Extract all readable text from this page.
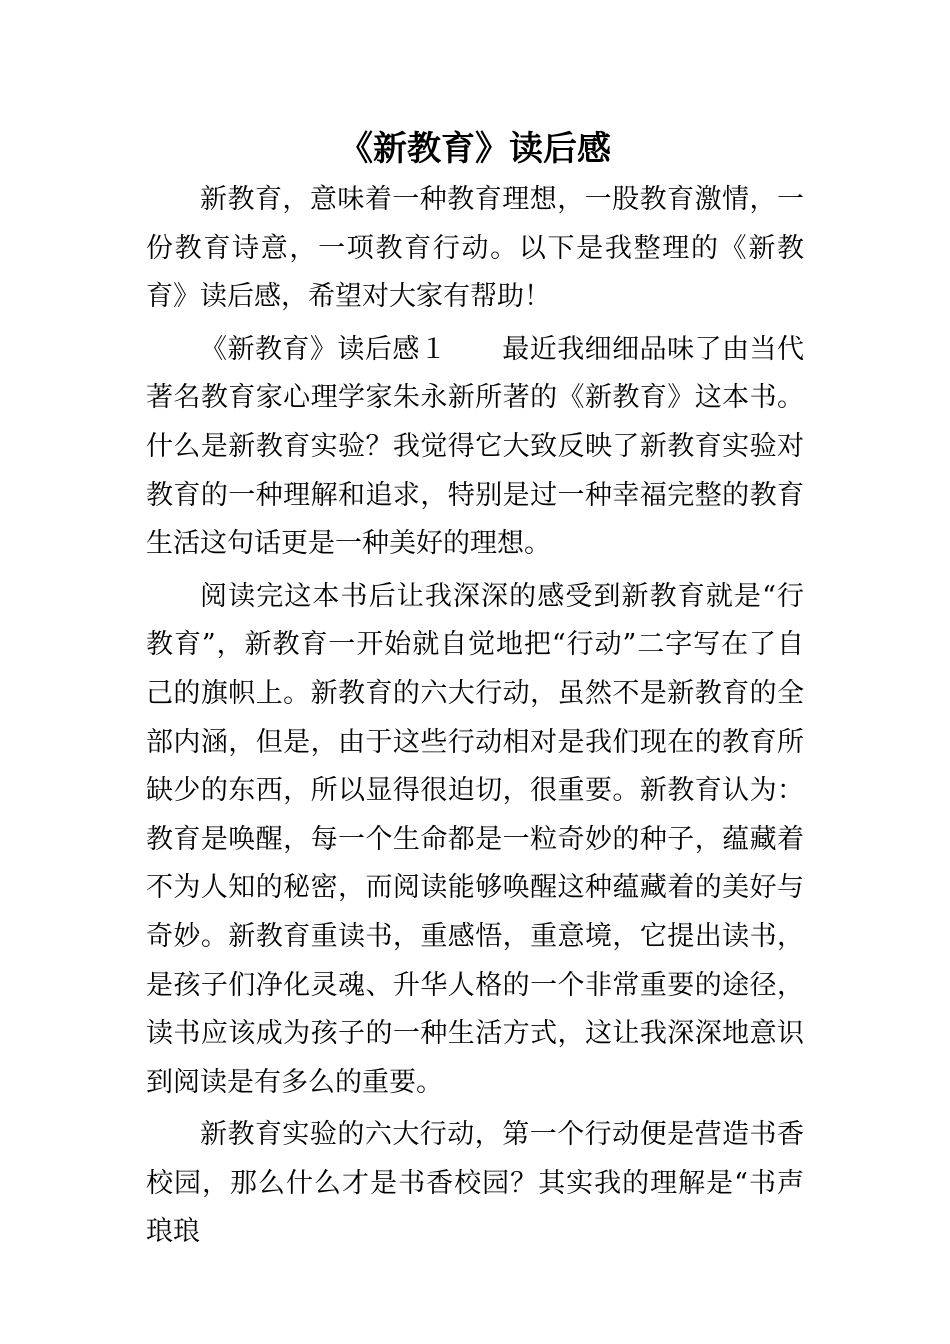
《新教育》读后感

新教育，意味着一种教育理想，一股教育激情，一份教育诗意，一项教育行动。以下是我整理的《新教育》读后感，希望对大家有帮助！

《新教育》读后感１　　最近我细细品味了由当代著名教育家心理学家朱永新所著的《新教育》这本书。什么是新教育实验？我觉得它大致反映了新教育实验对教育的一种理解和追求，特别是过一种幸福完整的教育生活这句话更是一种美好的理想。

阅读完这本书后让我深深的感受到新教育就是“行教育”，新教育一开始就自觉地把“行动”二字写在了自己的旗帜上。新教育的六大行动，虽然不是新教育的全部内涵，但是，由于这些行动相对是我们现在的教育所缺少的东西，所以显得很迫切，很重要。新教育认为：教育是唤醒，每一个生命都是一粒奇妙的种子，蕴藏着不为人知的秘密，而阅读能够唤醒这种蕴藏着的美好与奇妙。新教育重读书，重感悟，重意境，它提出读书，是孩子们净化灵魂、升华人格的一个非常重要的途径，读书应该成为孩子的一种生活方式，这让我深深地意识到阅读是有多么的重要。

新教育实验的六大行动，第一个行动便是营造书香校园，那么什么才是书香校园？其实我的理解是“书声琅琅
